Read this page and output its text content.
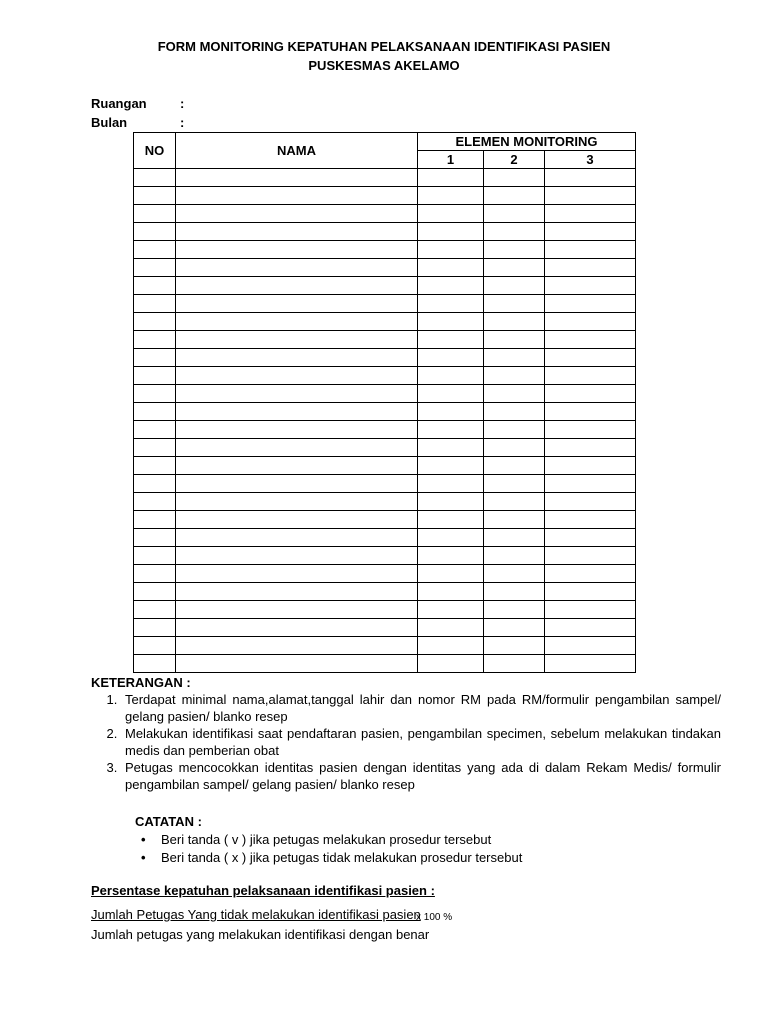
FORM MONITORING KEPATUHAN PELAKSANAAN IDENTIFIKASI PASIEN
PUSKESMAS AKELAMO
Ruangan	:
Bulan	:
NO	NAMA	ELEMEN MONITORING		
		1	2	3

KETERANGAN :
1. Terdapat minimal nama,alamat,tanggal lahir dan nomor RM pada RM/formulir pengambilan sampel/ gelang pasien/ blanko resep
2. Melakukan identifikasi saat pendaftaran pasien, pengambilan specimen, sebelum melakukan tindakan medis dan pemberian obat
3. Petugas mencocokkan identitas pasien dengan identitas yang ada di dalam Rekam Medis/ formulir pengambilan sampel/ gelang pasien/ blanko resep
CATATAN :
• Beri tanda ( v ) jika petugas melakukan prosedur tersebut
• Beri tanda ( x ) jika petugas tidak melakukan prosedur tersebut
Persentase kepatuhan pelaksanaan identifikasi pasien :
Jumlah Petugas Yang tidak melakukan identifikasi pasien
x 100 %
Jumlah petugas yang melakukan identifikasi dengan benar
